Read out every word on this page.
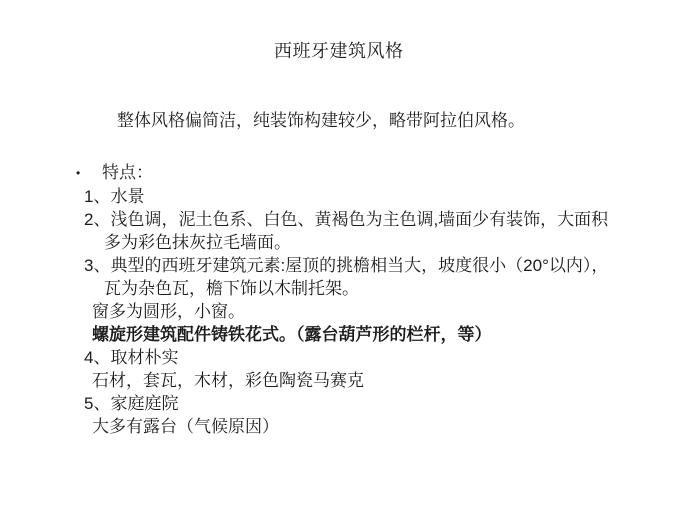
西班牙建筑风格

整体风格偏简洁，纯装饰构建较少，略带阿拉伯风格。

• 特点：
1、水景
2、浅色调，泥土色系、白色、黄褐色为主色调,墙面少有装饰，大面积
多为彩色抹灰拉毛墙面。
3、典型的西班牙建筑元素:屋顶的挑檐相当大，坡度很小（20°以内），
瓦为杂色瓦，檐下饰以木制托架。
窗多为圆形，小窗。
螺旋形建筑配件铸铁花式。（露台葫芦形的栏杆，等）
4、取材朴实
石材，套瓦，木材，彩色陶瓷马赛克
5、家庭庭院
大多有露台（气候原因）
